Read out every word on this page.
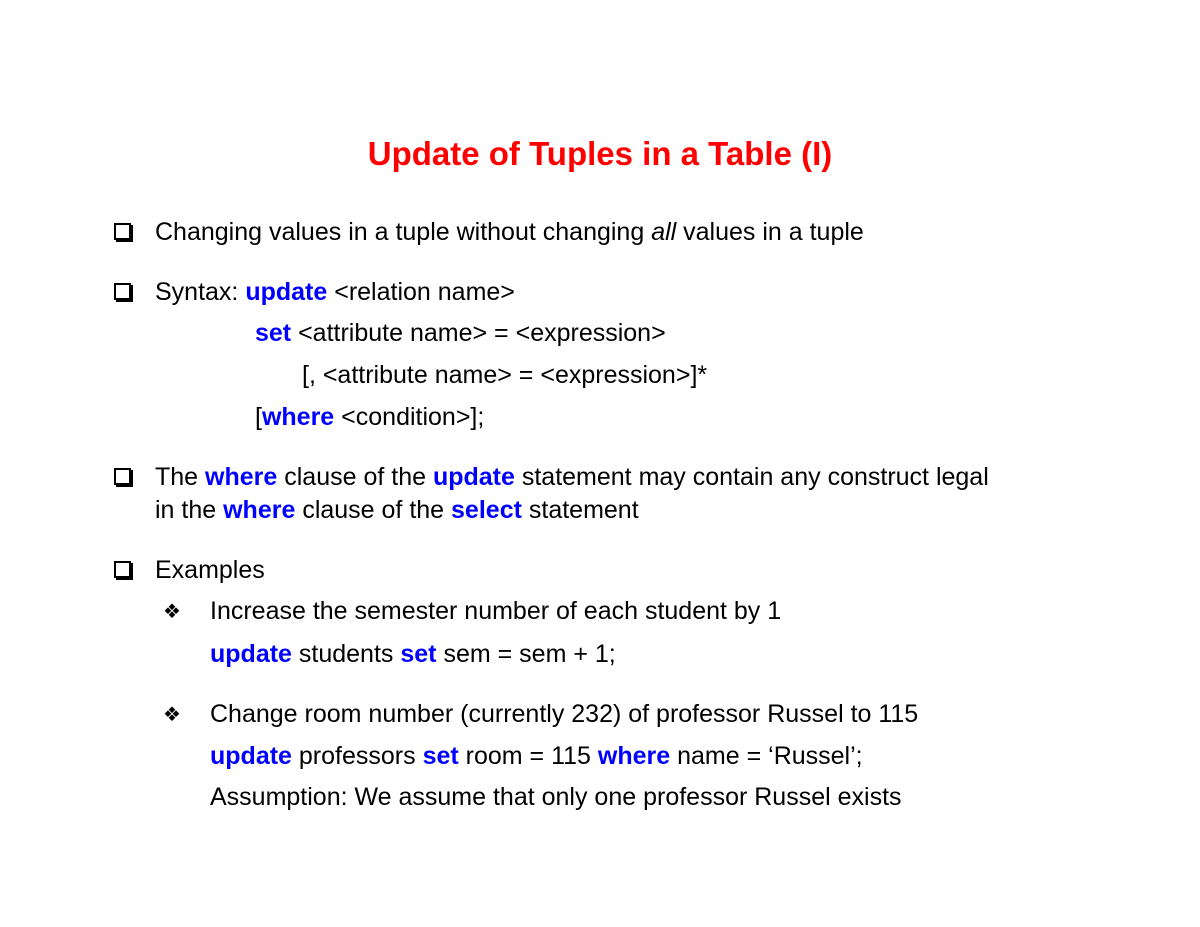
Update of Tuples in a Table (I)
Changing values in a tuple without changing all values in a tuple
Syntax: update <relation name>
set <attribute name> = <expression>
[, <attribute name> = <expression>]*
[where <condition>];
The where clause of the update statement may contain any construct legal
in the where clause of the select statement
Examples
❖ Increase the semester number of each student by 1
update students set sem = sem + 1;
❖ Change room number (currently 232) of professor Russel to 115
update professors set room = 115 where name = ‘Russel’;
Assumption: We assume that only one professor Russel exists
